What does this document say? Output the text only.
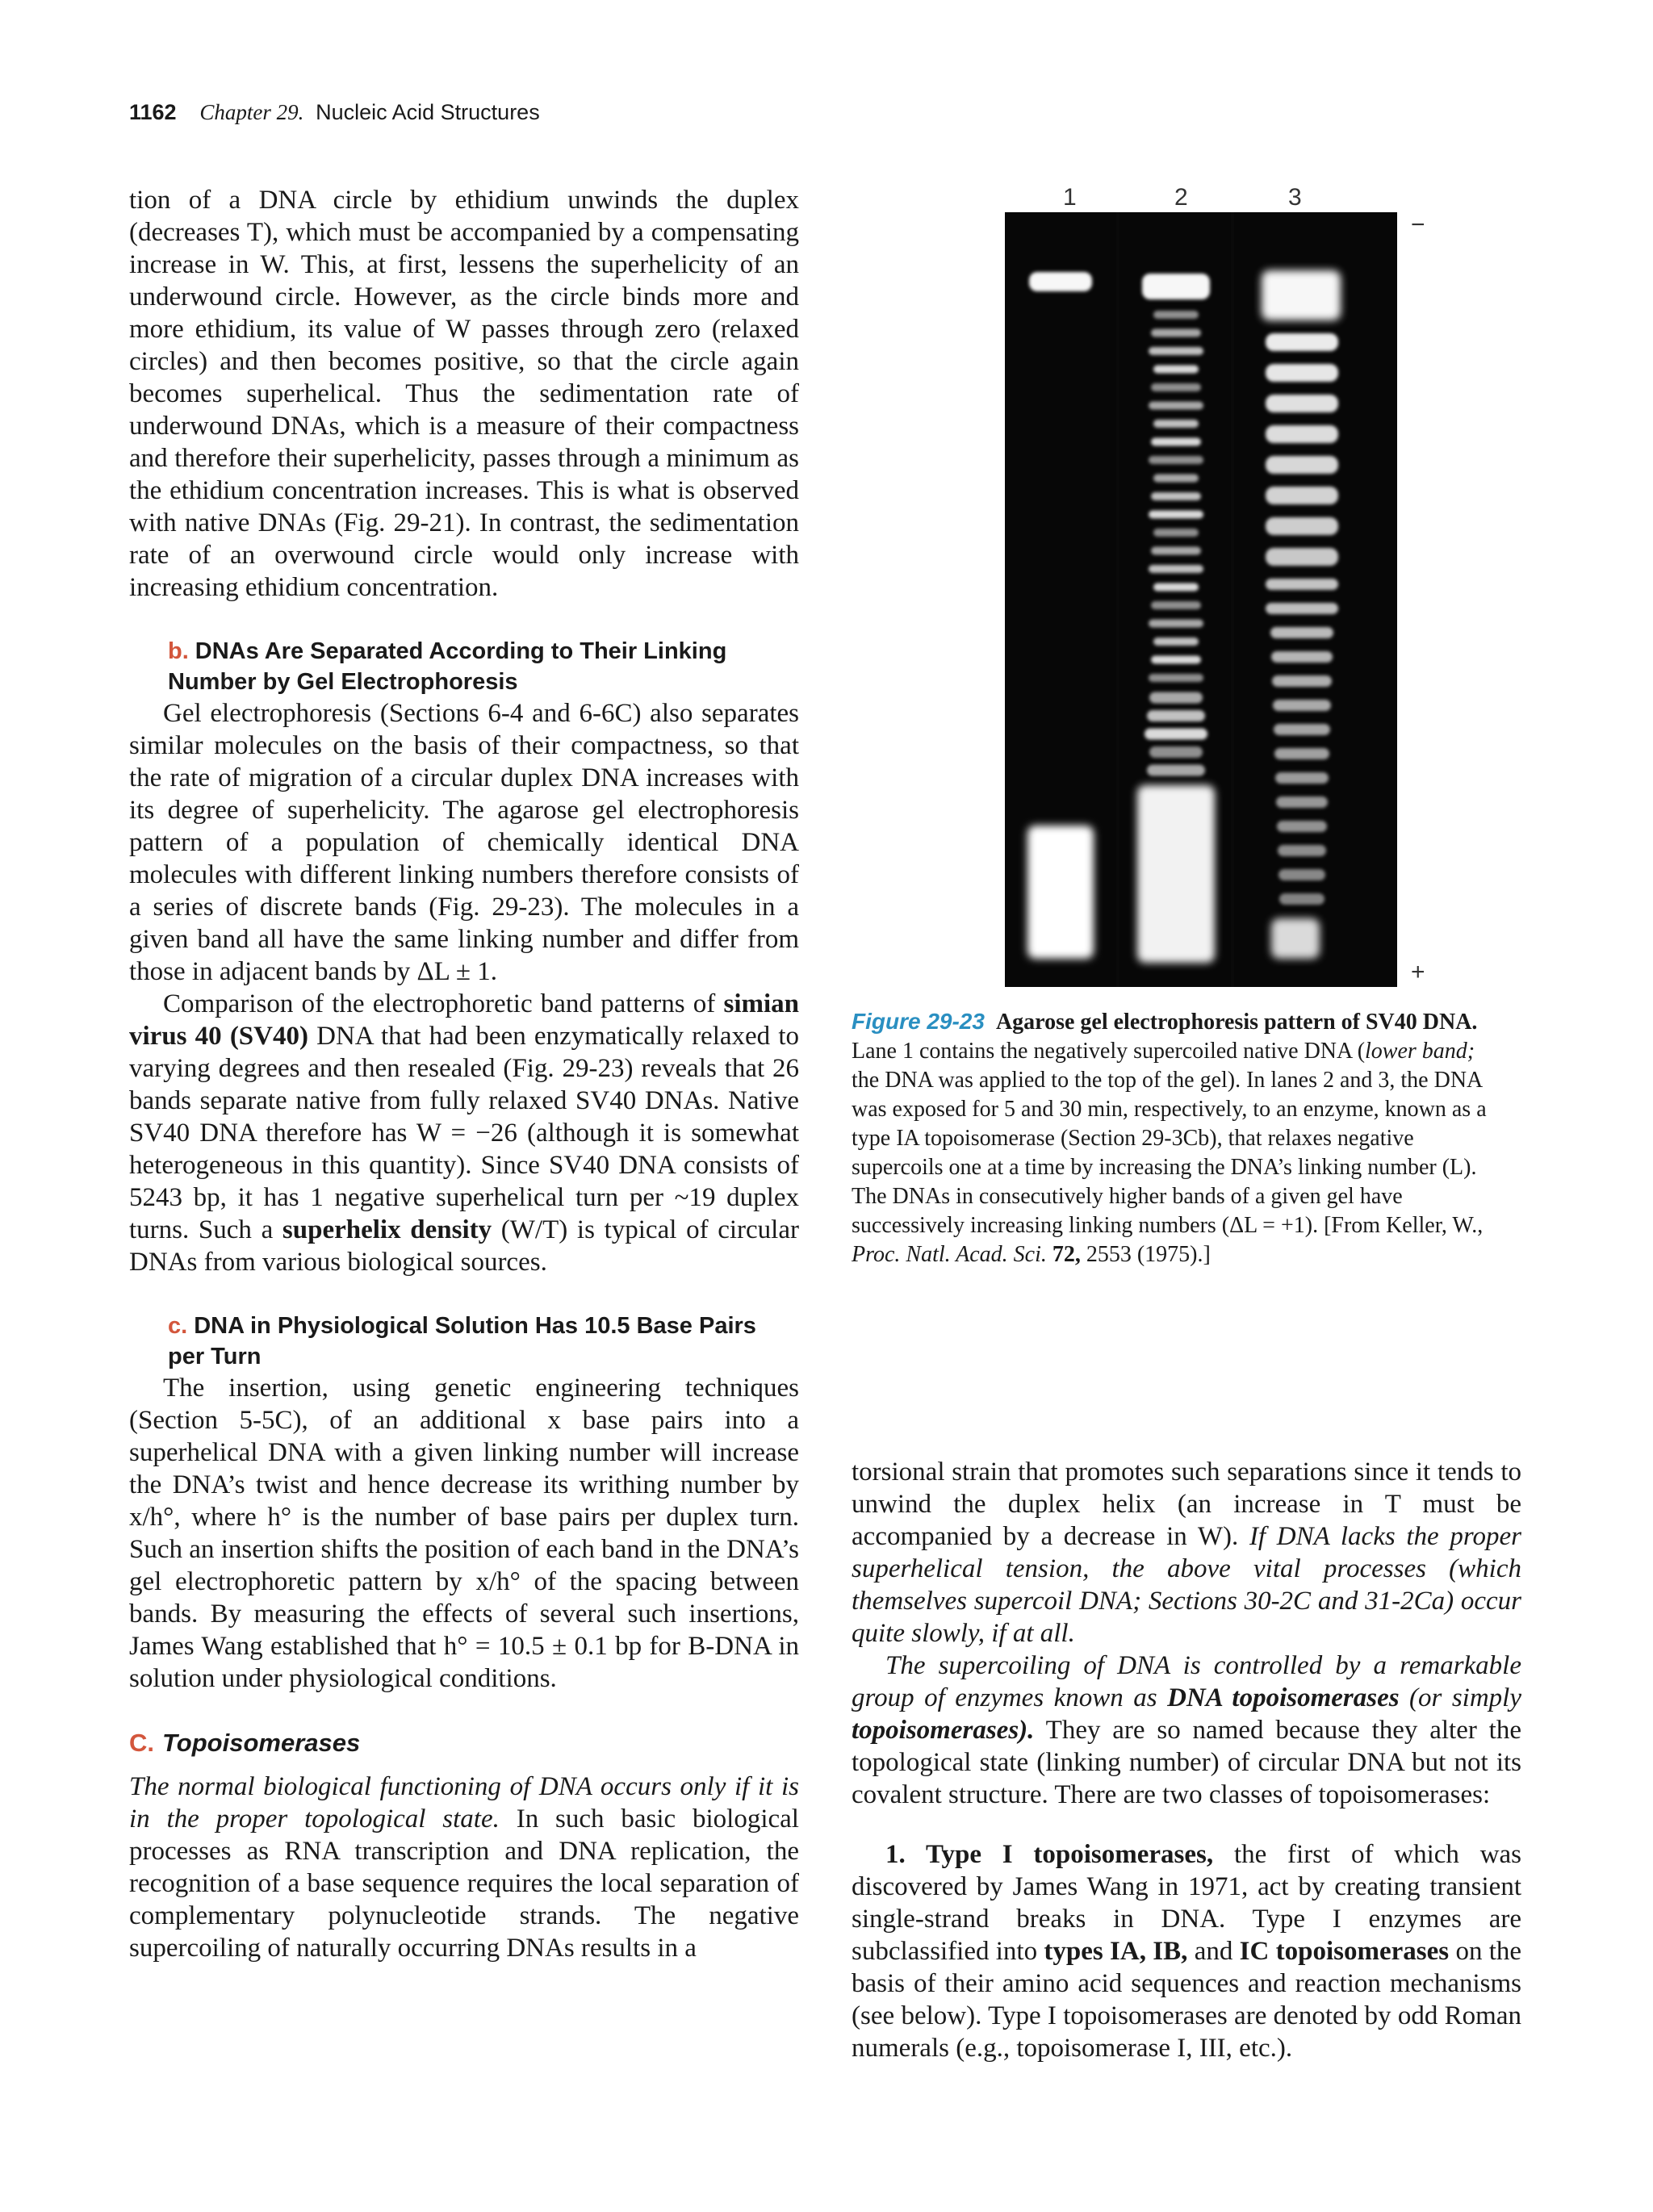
1162 Chapter 29. Nucleic Acid Structures

tion of a DNA circle by ethidium unwinds the duplex (decreases T), which must be accompanied by a compensating increase in W. This, at first, lessens the superhelicity of an underwound circle. However, as the circle binds more and more ethidium, its value of W passes through zero (relaxed circles) and then becomes positive, so that the circle again becomes superhelical. Thus the sedimentation rate of underwound DNAs, which is a measure of their compactness and therefore their superhelicity, passes through a minimum as the ethidium concentration increases. This is what is observed with native DNAs (Fig. 29-21). In contrast, the sedimentation rate of an overwound circle would only increase with increasing ethidium concentration.

b. DNAs Are Separated According to Their Linking Number by Gel Electrophoresis

Gel electrophoresis (Sections 6-4 and 6-6C) also separates similar molecules on the basis of their compactness, so that the rate of migration of a circular duplex DNA increases with its degree of superhelicity. The agarose gel electrophoresis pattern of a population of chemically identical DNA molecules with different linking numbers therefore consists of a series of discrete bands (Fig. 29-23). The molecules in a given band all have the same linking number and differ from those in adjacent bands by ΔL ± 1.

Comparison of the electrophoretic band patterns of simian virus 40 (SV40) DNA that had been enzymatically relaxed to varying degrees and then resealed (Fig. 29-23) reveals that 26 bands separate native from fully relaxed SV40 DNAs. Native SV40 DNA therefore has W = −26 (although it is somewhat heterogeneous in this quantity). Since SV40 DNA consists of 5243 bp, it has 1 negative superhelical turn per ~19 duplex turns. Such a superhelix density (W/T) is typical of circular DNAs from various biological sources.

c. DNA in Physiological Solution Has 10.5 Base Pairs per Turn

The insertion, using genetic engineering techniques (Section 5-5C), of an additional x base pairs into a superhelical DNA with a given linking number will increase the DNA’s twist and hence decrease its writhing number by x/h°, where h° is the number of base pairs per duplex turn. Such an insertion shifts the position of each band in the DNA’s gel electrophoretic pattern by x/h° of the spacing between bands. By measuring the effects of several such insertions, James Wang established that h° = 10.5 ± 0.1 bp for B-DNA in solution under physiological conditions.

C. Topoisomerases

The normal biological functioning of DNA occurs only if it is in the proper topological state. In such basic biological processes as RNA transcription and DNA replication, the recognition of a base sequence requires the local separation of complementary polynucleotide strands. The negative supercoiling of naturally occurring DNAs results in a

1	2	3
−
+
Figure 29-23 Agarose gel electrophoresis pattern of SV40 DNA. Lane 1 contains the negatively supercoiled native DNA (lower band; the DNA was applied to the top of the gel). In lanes 2 and 3, the DNA was exposed for 5 and 30 min, respectively, to an enzyme, known as a type IA topoisomerase (Section 29-3Cb), that relaxes negative supercoils one at a time by increasing the DNA’s linking number (L). The DNAs in consecutively higher bands of a given gel have successively increasing linking numbers (ΔL = +1). [From Keller, W., Proc. Natl. Acad. Sci. 72, 2553 (1975).]

torsional strain that promotes such separations since it tends to unwind the duplex helix (an increase in T must be accompanied by a decrease in W). If DNA lacks the proper superhelical tension, the above vital processes (which themselves supercoil DNA; Sections 30-2C and 31-2Ca) occur quite slowly, if at all.

The supercoiling of DNA is controlled by a remarkable group of enzymes known as DNA topoisomerases (or simply topoisomerases). They are so named because they alter the topological state (linking number) of circular DNA but not its covalent structure. There are two classes of topoisomerases:

1. Type I topoisomerases, the first of which was discovered by James Wang in 1971, act by creating transient single-strand breaks in DNA. Type I enzymes are subclassified into types IA, IB, and IC topoisomerases on the basis of their amino acid sequences and reaction mechanisms (see below). Type I topoisomerases are denoted by odd Roman numerals (e.g., topoisomerase I, III, etc.).
